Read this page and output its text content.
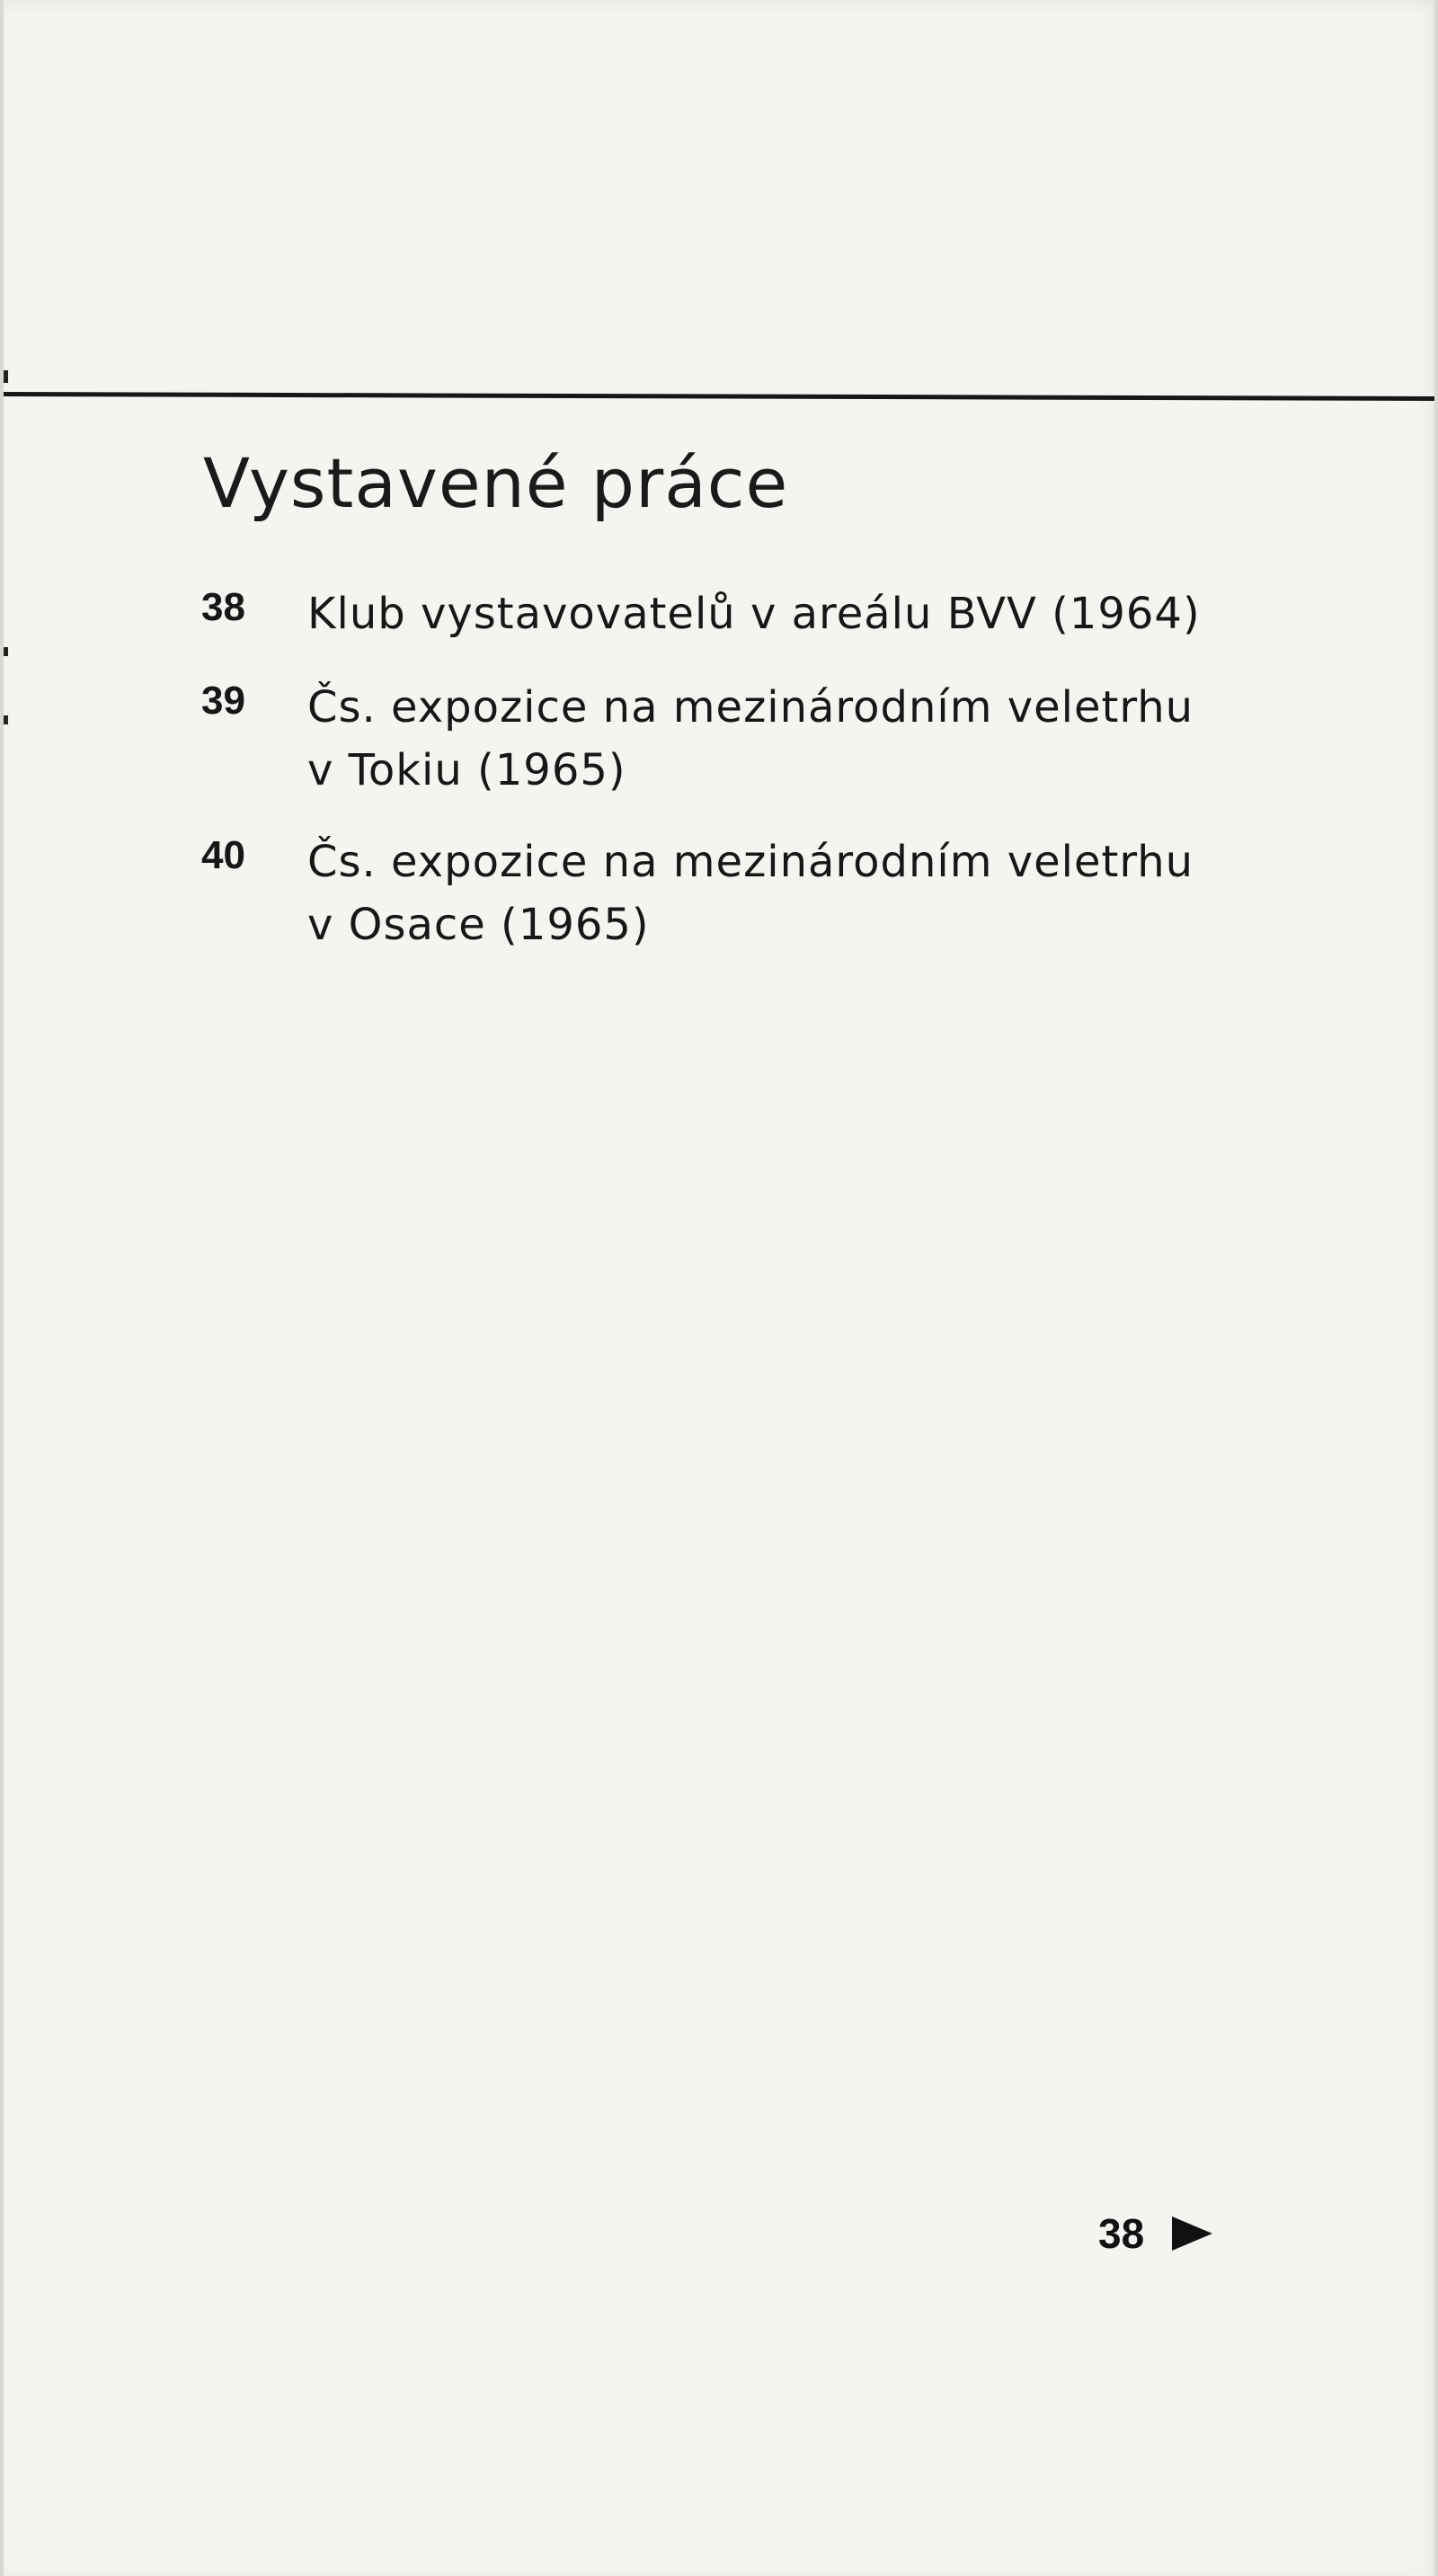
Vystavené práce
38	Klub vystavovatelů v areálu BVV (1964)
39	Čs. expozice na mezinárodním veletrhu
v Tokiu (1965)
40	Čs. expozice na mezinárodním veletrhu
v Osace (1965)
38
